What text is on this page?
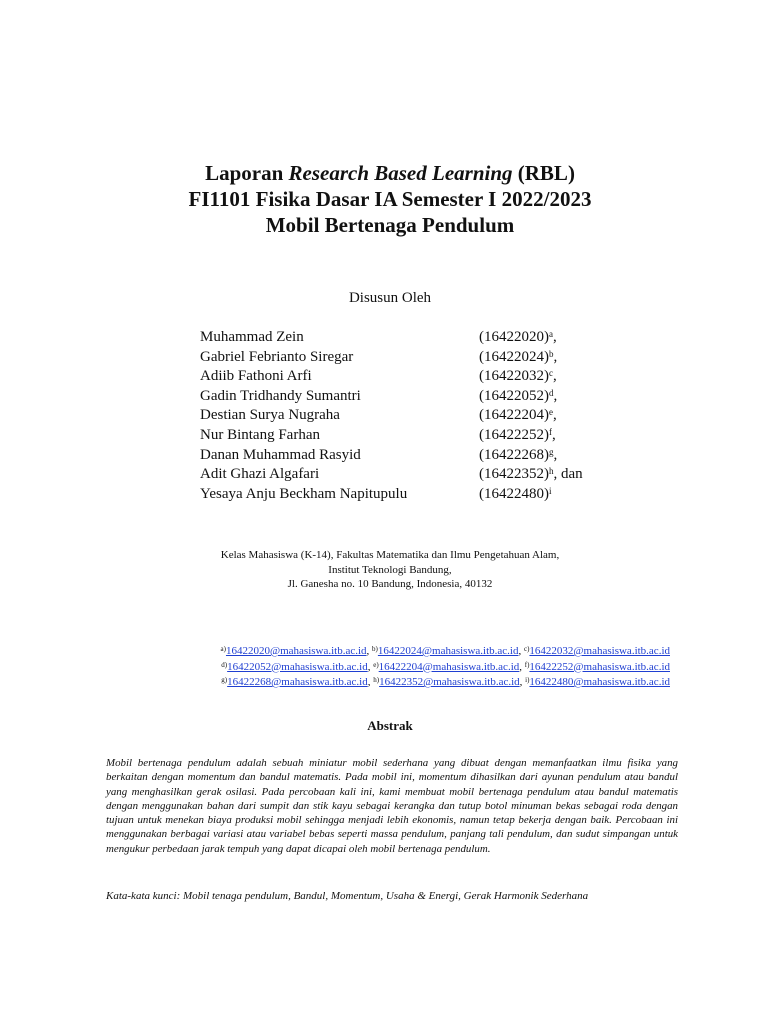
Laporan Research Based Learning (RBL)
FI1101 Fisika Dasar IA Semester I 2022/2023
Mobil Bertenaga Pendulum
Disusun Oleh
Muhammad Zein	$(16422020)^a$,
Gabriel Febrianto Siregar	$(16422024)^b$,
Adiib Fathoni Arfi	$(16422032)^c$,
Gadin Tridhandy Sumantri	$(16422052)^d$,
Destian Surya Nugraha	$(16422204)^e$,
Nur Bintang Farhan	$(16422252)^f$,
Danan Muhammad Rasyid	$(16422268)^g$,
Adit Ghazi Algafari	$(16422352)^h$, dan
Yesaya Anju Beckham Napitupulu	$(16422480)^i$
Kelas Mahasiswa (K-14), Fakultas Matematika dan Ilmu Pengetahuan Alam,
Institut Teknologi Bandung,
Jl. Ganesha no. 10 Bandung, Indonesia, 40132
$^{a)}$16422020@mahasiswa.itb.ac.id, $^{b)}$16422024@mahasiswa.itb.ac.id, $^{c)}$16422032@mahasiswa.itb.ac.id
$^{d)}$16422052@mahasiswa.itb.ac.id, $^{e)}$16422204@mahasiswa.itb.ac.id, $^{f)}$16422252@mahasiswa.itb.ac.id
$^{g)}$16422268@mahasiswa.itb.ac.id, $^{h)}$16422352@mahasiswa.itb.ac.id, $^{i)}$16422480@mahasiswa.itb.ac.id
Abstrak
Mobil bertenaga pendulum adalah sebuah miniatur mobil sederhana yang dibuat dengan memanfaatkan ilmu fisika yang berkaitan dengan momentum dan bandul matematis. Pada mobil ini, momentum dihasilkan dari ayunan pendulum atau bandul yang menghasilkan gerak osilasi. Pada percobaan kali ini, kami membuat mobil bertenaga pendulum atau bandul matematis dengan menggunakan bahan dari sumpit dan stik kayu sebagai kerangka dan tutup botol minuman bekas sebagai roda dengan tujuan untuk menekan biaya produksi mobil sehingga menjadi lebih ekonomis, namun tetap bekerja dengan baik. Percobaan ini menggunakan berbagai variasi atau variabel bebas seperti massa pendulum, panjang tali pendulum, dan sudut simpangan untuk mengukur perbedaan jarak tempuh yang dapat dicapai oleh mobil bertenaga pendulum.
Kata-kata kunci: Mobil tenaga pendulum, Bandul, Momentum, Usaha & Energi, Gerak Harmonik Sederhana
